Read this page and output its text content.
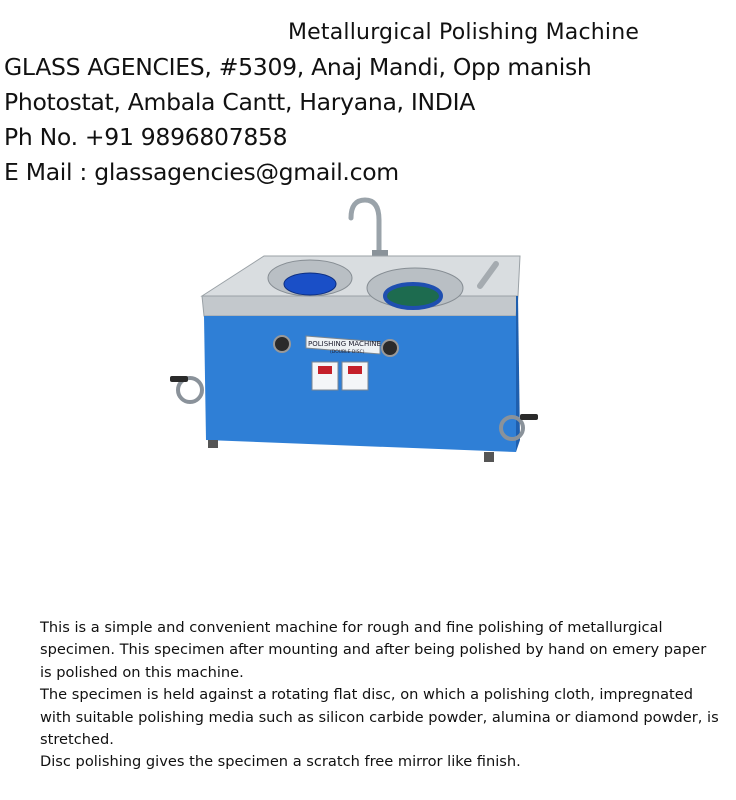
Metallurgical Polishing Machine
GLASS AGENCIES, #5309, Anaj Mandi, Opp manish
Photostat, Ambala Cantt, Haryana, INDIA
Ph No. +91 9896807858
E Mail : glassagencies@gmail.com
POLISHING MACHINE
(DOUBLE DISC)

This is a simple and convenient machine for rough and fine polishing of metallurgical specimen. This specimen after mounting and after being polished by hand on emery paper is polished on this machine.

The specimen is held against a rotating flat disc, on which a polishing cloth, impregnated with suitable polishing media such as silicon carbide powder, alumina or diamond powder, is stretched.

Disc polishing gives the specimen a scratch free mirror like finish.
